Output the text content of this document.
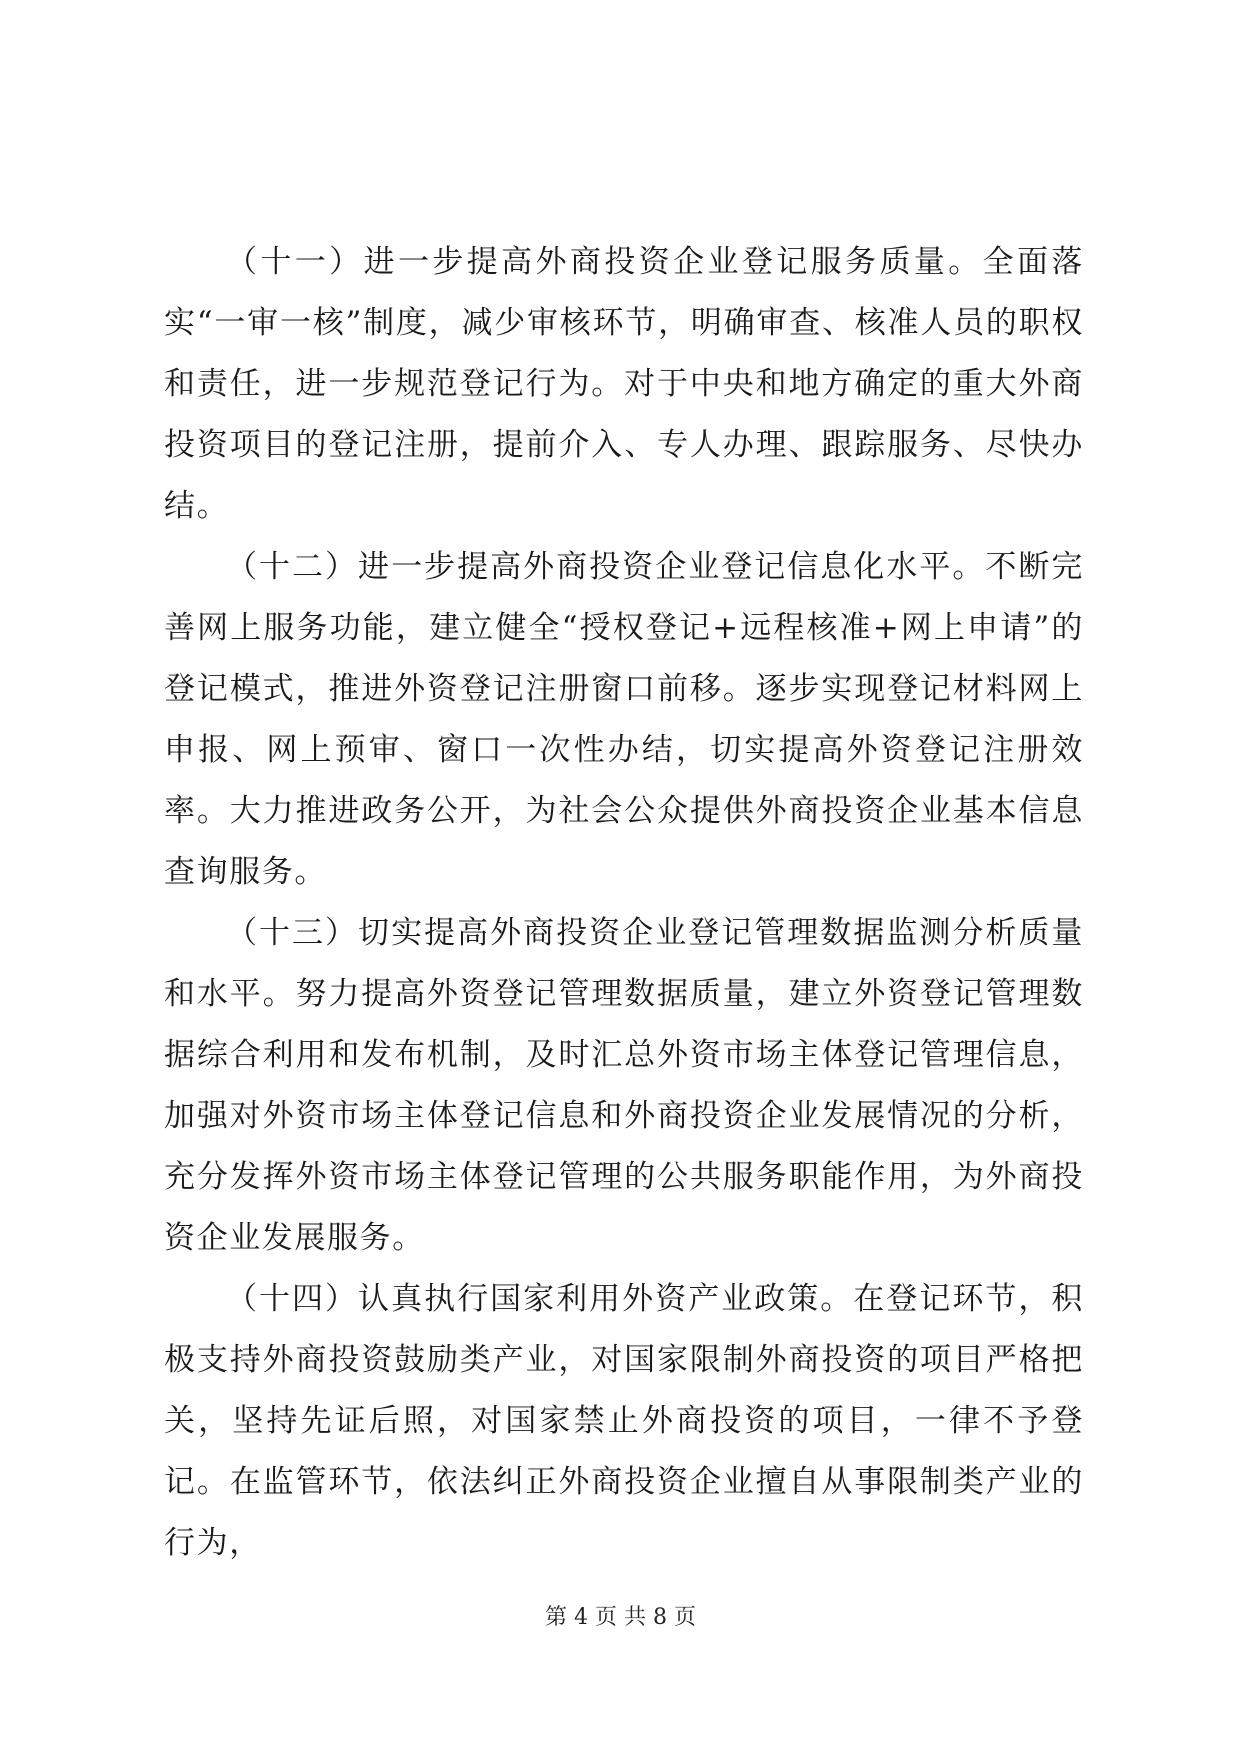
（十一）进一步提高外商投资企业登记服务质量。全面落实“一审一核”制度，减少审核环节，明确审查、核准人员的职权和责任，进一步规范登记行为。对于中央和地方确定的重大外商投资项目的登记注册，提前介入、专人办理、跟踪服务、尽快办结。

（十二）进一步提高外商投资企业登记信息化水平。不断完善网上服务功能，建立健全“授权登记+远程核准+网上申请”的登记模式，推进外资登记注册窗口前移。逐步实现登记材料网上申报、网上预审、窗口一次性办结，切实提高外资登记注册效率。大力推进政务公开，为社会公众提供外商投资企业基本信息查询服务。

（十三）切实提高外商投资企业登记管理数据监测分析质量和水平。努力提高外资登记管理数据质量，建立外资登记管理数据综合利用和发布机制，及时汇总外资市场主体登记管理信息，加强对外资市场主体登记信息和外商投资企业发展情况的分析，充分发挥外资市场主体登记管理的公共服务职能作用，为外商投资企业发展服务。

（十四）认真执行国家利用外资产业政策。在登记环节，积极支持外商投资鼓励类产业，对国家限制外商投资的项目严格把关，坚持先证后照，对国家禁止外商投资的项目，一律不予登记。在监管环节，依法纠正外商投资企业擅自从事限制类产业的行为，

第 4 页 共 8 页
